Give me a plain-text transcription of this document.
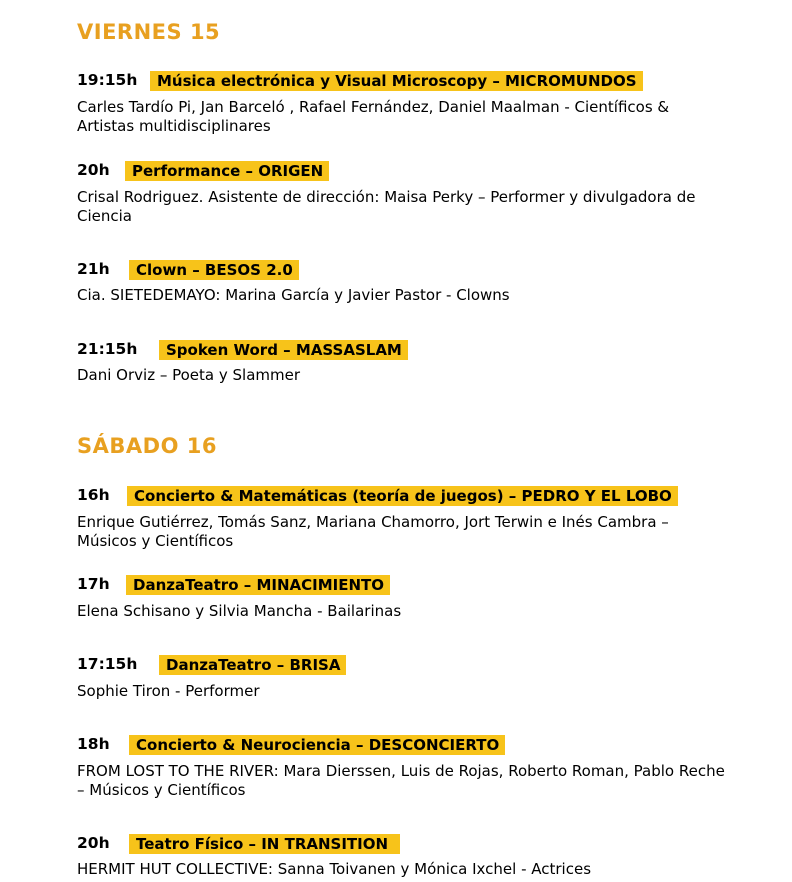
VIERNES 15
19:15h	Música electrónica y Visual Microscopy – MICROMUNDOS
Carles Tardío Pi, Jan Barceló , Rafael Fernández, Daniel Maalman - Científicos & Artistas multidisciplinares
20h	Performance – ORIGEN
Crisal Rodriguez. Asistente de dirección: Maisa Perky – Performer y divulgadora de Ciencia
21h	Clown – BESOS 2.0
Cia. SIETEDEMAYO: Marina García y Javier Pastor - Clowns
21:15h	Spoken Word – MASSASLAM
Dani Orviz – Poeta y Slammer
SÁBADO 16
16h	Concierto & Matemáticas (teoría de juegos) – PEDRO Y EL LOBO
Enrique Gutiérrez, Tomás Sanz, Mariana Chamorro, Jort Terwin e Inés Cambra – Músicos y Científicos
17h	DanzaTeatro – MINACIMIENTO
Elena Schisano y Silvia Mancha - Bailarinas
17:15h	DanzaTeatro – BRISA
Sophie Tiron - Performer
18h	Concierto & Neurociencia – DESCONCIERTO
FROM LOST TO THE RIVER: Mara Dierssen, Luis de Rojas, Roberto Roman, Pablo Reche – Músicos y Científicos
20h	Teatro Físico – IN TRANSITION
HERMIT HUT COLLECTIVE: Sanna Toivanen y Mónica Ixchel - Actrices
